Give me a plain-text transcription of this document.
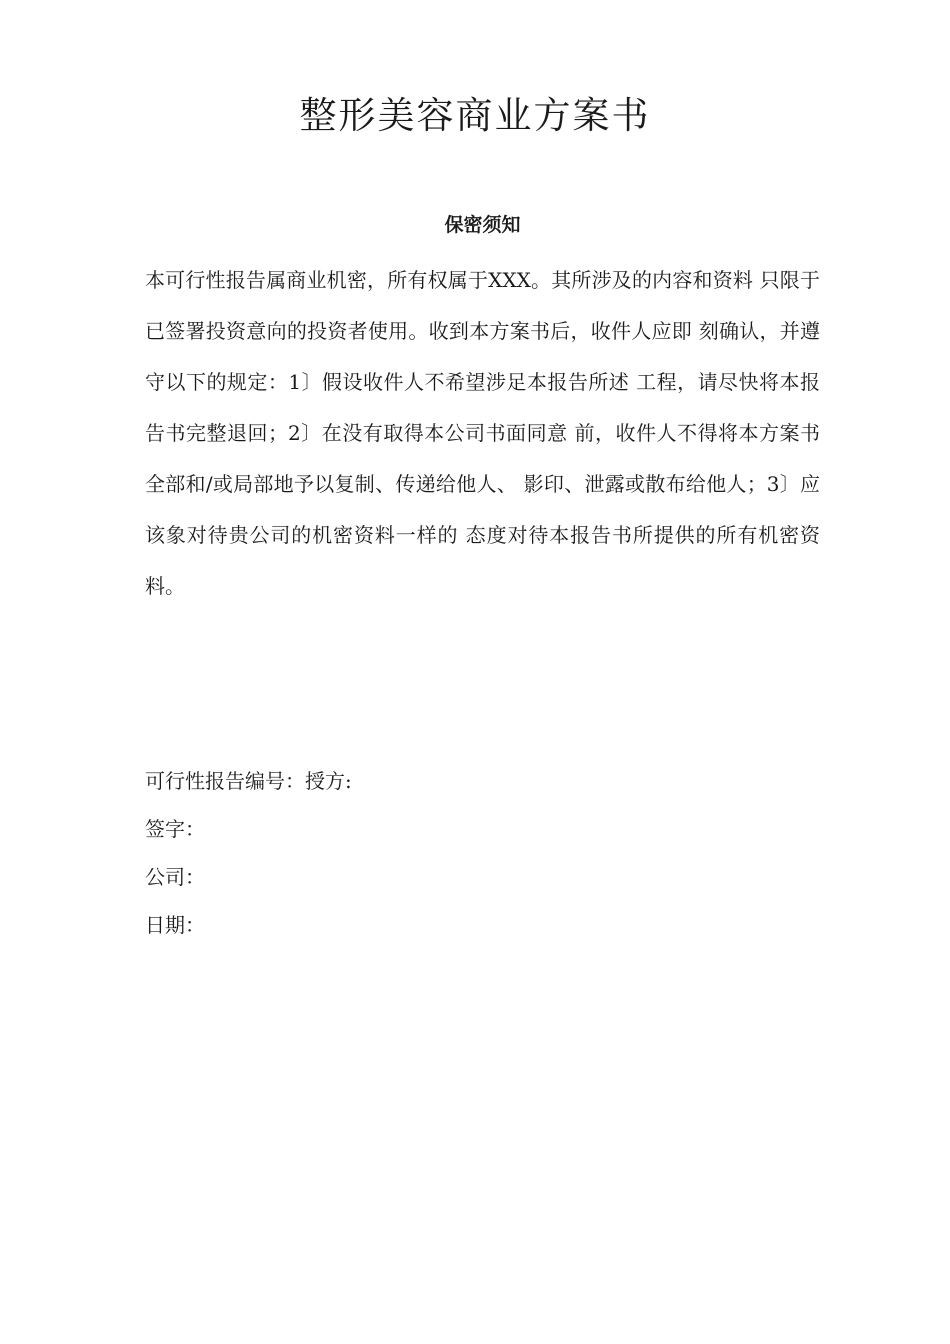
整形美容商业方案书
保密须知

本可行性报告属商业机密，所有权属于XXX。其所涉及的内容和资料 只限于已签署投资意向的投资者使用。收到本方案书后，收件人应即 刻确认，并遵守以下的规定：1〕假设收件人不希望涉足本报告所述 工程，请尽快将本报告书完整退回；2〕在没有取得本公司书面同意 前，收件人不得将本方案书全部和/或局部地予以复制、传递给他人、 影印、泄露或散布给他人；3〕应该象对待贵公司的机密资料一样的 态度对待本报告书所提供的所有机密资料。

可行性报告编号：授方:
签字：
公司：
日期：
